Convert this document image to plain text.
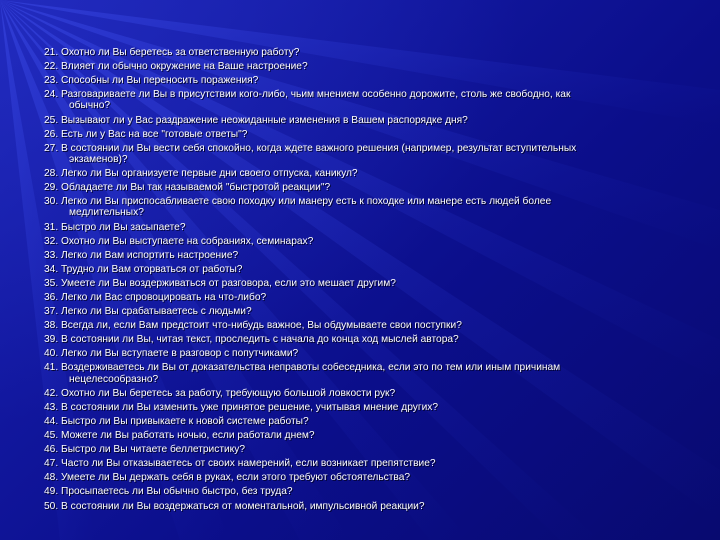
21. Охотно ли Вы беретесь за ответственную работу?
22. Влияет ли обычно окружение на Ваше настроение?
23. Способны ли Вы переносить поражения?
24. Разговариваете ли Вы в присутствии кого-либо, чьим мнением особенно дорожите, столь же свободно, как
обычно?
25. Вызывают ли у Вас раздражение неожиданные изменения в Вашем распорядке дня?
26. Есть ли у Вас на все "готовые ответы"?
27. В состоянии ли Вы вести себя спокойно, когда ждете важного решения (например, результат вступительных
экзаменов)?
28. Легко ли Вы организуете первые дни своего отпуска, каникул?
29. Обладаете ли Вы так называемой "быстротой реакции"?
30. Легко ли Вы приспосабливаете свою походку или манеру есть к походке или манере есть людей более
медлительных?
31. Быстро ли Вы засыпаете?
32. Охотно ли Вы выступаете на собраниях, семинарах?
33. Легко ли Вам испортить настроение?
34. Трудно ли Вам оторваться от работы?
35. Умеете ли Вы воздерживаться от разговора, если это мешает другим?
36. Легко ли Вас спровоцировать на что-либо?
37. Легко ли Вы срабатываетесь с людьми?
38. Всегда ли, если Вам предстоит что-нибудь важное, Вы обдумываете свои поступки?
39. В состоянии ли Вы, читая текст, проследить с начала до конца ход мыслей автора?
40. Легко ли Вы вступаете в разговор с попутчиками?
41. Воздерживаетесь ли Вы от доказательства неправоты собеседника, если это по тем или иным причинам
нецелесообразно?
42. Охотно ли Вы беретесь за работу, требующую большой ловкости рук?
43. В состоянии ли Вы изменить уже принятое решение, учитывая мнение других?
44. Быстро ли Вы привыкаете к новой системе работы?
45. Можете ли Вы работать ночью, если работали днем?
46. Быстро ли Вы читаете беллетристику?
47. Часто ли Вы отказываетесь от своих намерений, если возникает препятствие?
48. Умеете ли Вы держать себя в руках, если этого требуют обстоятельства?
49. Просыпаетесь ли Вы обычно быстро, без труда?
50. В состоянии ли Вы воздержаться от моментальной, импульсивной реакции?
